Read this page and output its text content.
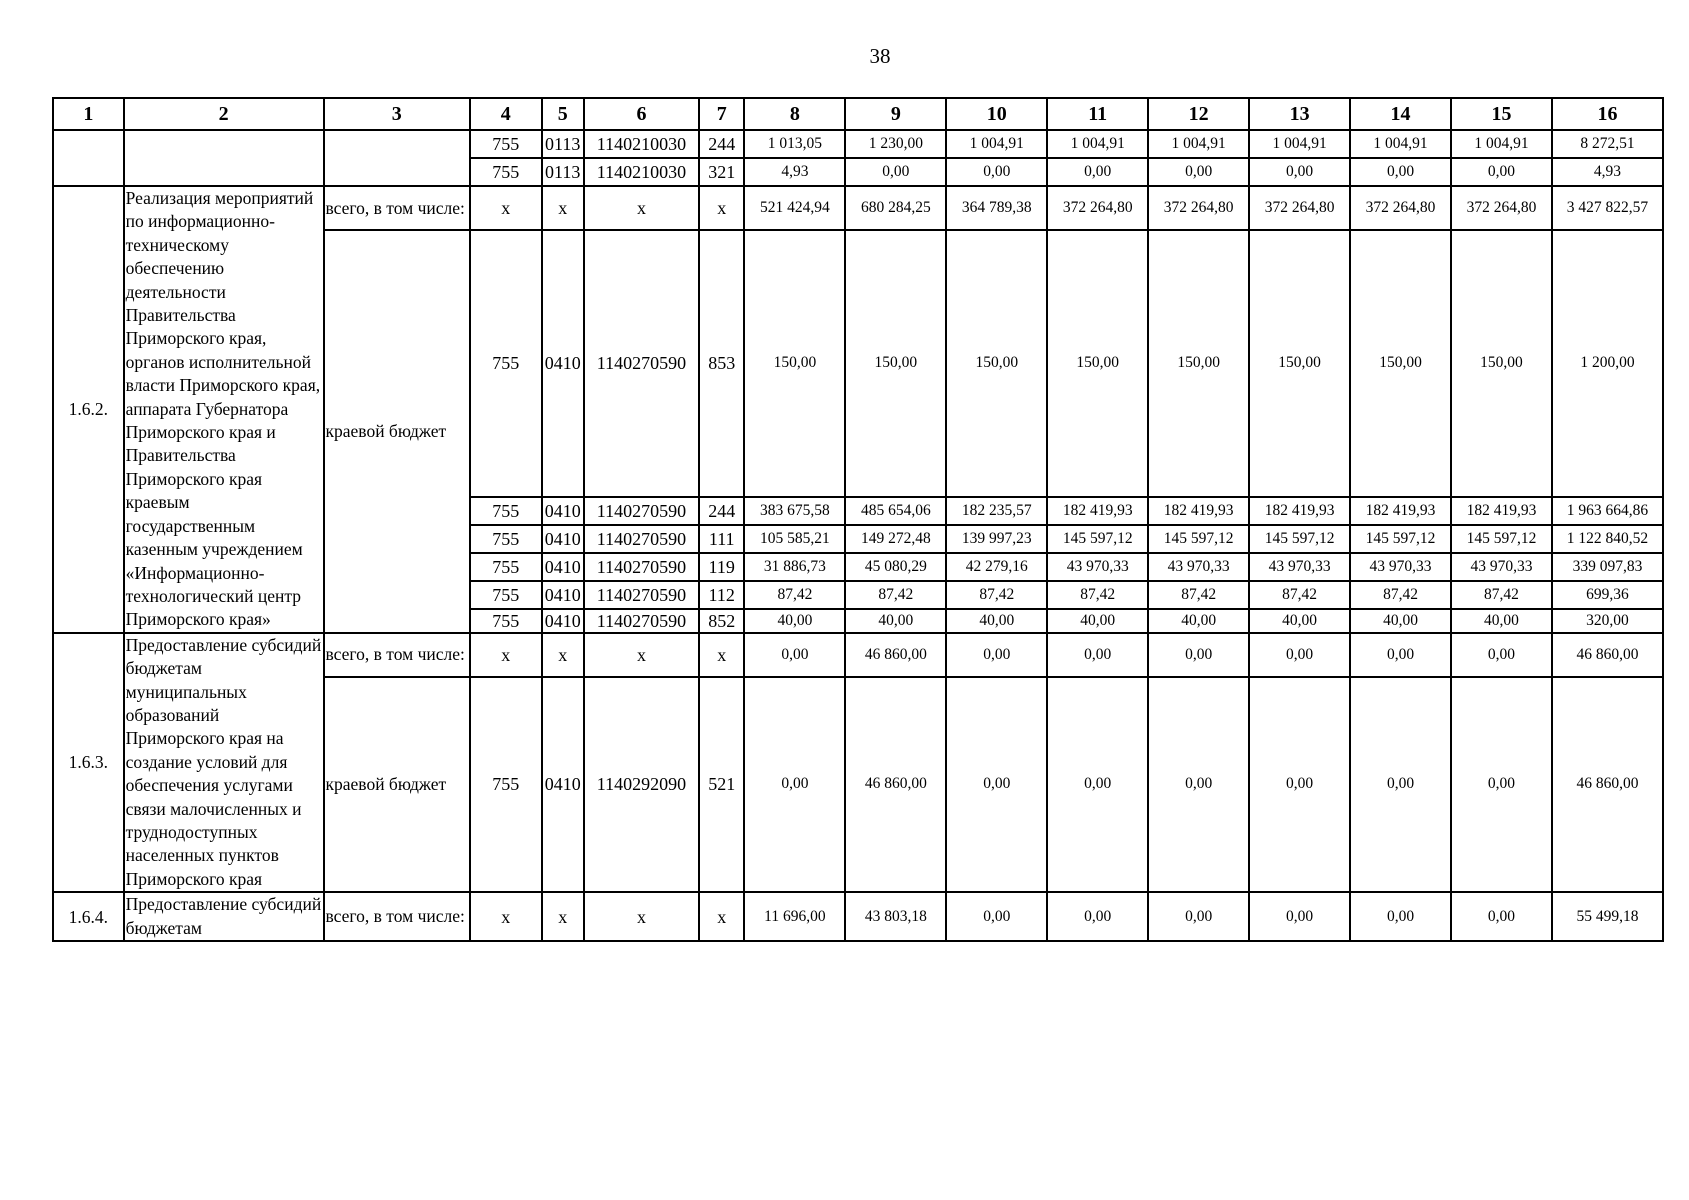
38
1	2	3	4	5	6	7	8	9	10	11	12	13	14	15	16
			755	0113	1140210030	244	1 013,05	1 230,00	1 004,91	1 004,91	1 004,91	1 004,91	1 004,91	1 004,91	8 272,51
			755	0113	1140210030	321	4,93	0,00	0,00	0,00	0,00	0,00	0,00	0,00	4,93
1.6.2.	Реализация мероприятий по информационно-техническому обеспечению деятельности Правительства Приморского края, органов исполнительной власти Приморского края, аппарата Губернатора Приморского края и Правительства Приморского края краевым государственным казенным учреждением «Информационно-технологический центр Приморского края»	всего, в том числе:	x	x	x	x	521 424,94	680 284,25	364 789,38	372 264,80	372 264,80	372 264,80	372 264,80	372 264,80	3 427 822,57
		краевой бюджет	755	0410	1140270590	853	150,00	150,00	150,00	150,00	150,00	150,00	150,00	150,00	1 200,00
			755	0410	1140270590	244	383 675,58	485 654,06	182 235,57	182 419,93	182 419,93	182 419,93	182 419,93	182 419,93	1 963 664,86
			755	0410	1140270590	111	105 585,21	149 272,48	139 997,23	145 597,12	145 597,12	145 597,12	145 597,12	145 597,12	1 122 840,52
			755	0410	1140270590	119	31 886,73	45 080,29	42 279,16	43 970,33	43 970,33	43 970,33	43 970,33	43 970,33	339 097,83
			755	0410	1140270590	112	87,42	87,42	87,42	87,42	87,42	87,42	87,42	87,42	699,36
			755	0410	1140270590	852	40,00	40,00	40,00	40,00	40,00	40,00	40,00	40,00	320,00
1.6.3.	Предоставление субсидий бюджетам муниципальных образований Приморского края на создание условий для обеспечения услугами связи малочисленных и труднодоступных населенных пунктов Приморского края	всего, в том числе:	x	x	x	x	0,00	46 860,00	0,00	0,00	0,00	0,00	0,00	0,00	46 860,00
		краевой бюджет	755	0410	1140292090	521	0,00	46 860,00	0,00	0,00	0,00	0,00	0,00	0,00	46 860,00
1.6.4.	Предоставление субсидий бюджетам	всего, в том числе:	x	x	x	x	11 696,00	43 803,18	0,00	0,00	0,00	0,00	0,00	0,00	55 499,18
